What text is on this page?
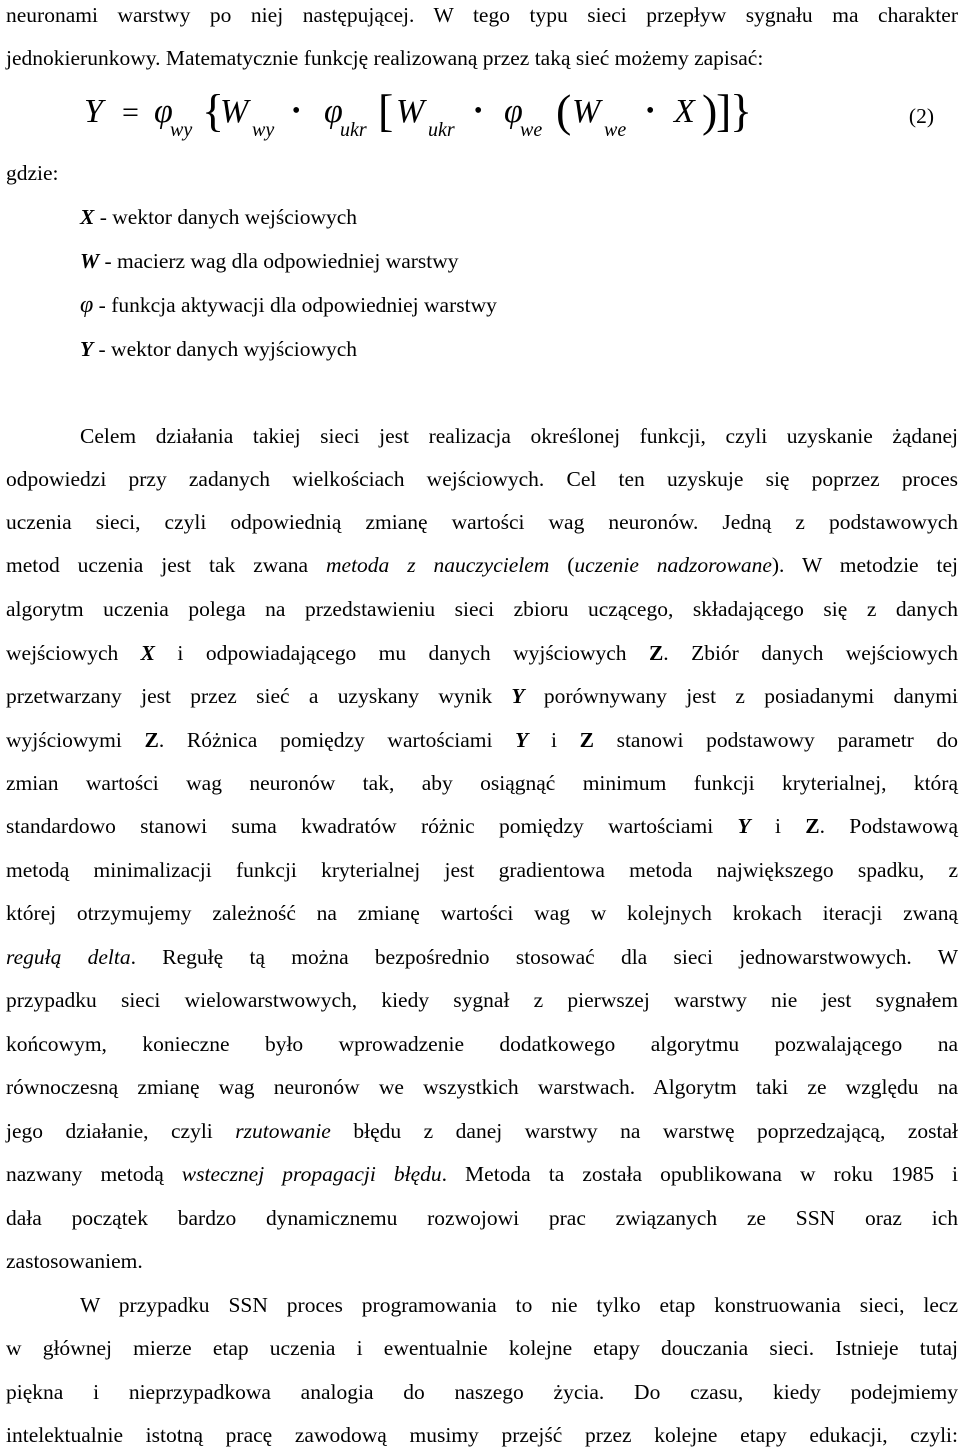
neuronami warstwy po niej następującej. W tego typu sieci przepływ sygnału ma charakter
jednokierunkowy. Matematycznie funkcję realizowaną przez taką sieć możemy zapisać:
Y = φ
wy {
W wy
• φ
ukr [ W ukr
• φ
we ( W we
• X )
]
}	(2)
gdzie:
X - wektor danych wejściowych
W - macierz wag dla odpowiedniej warstwy
φ - funkcja aktywacji dla odpowiedniej warstwy
Y - wektor danych wyjściowych
Celem działania takiej sieci jest realizacja określonej funkcji, czyli uzyskanie żądanej
odpowiedzi przy zadanych wielkościach wejściowych. Cel ten uzyskuje się poprzez proces
uczenia sieci, czyli odpowiednią zmianę wartości wag neuronów. Jedną z podstawowych
metod uczenia jest tak zwana metoda z nauczycielem (uczenie nadzorowane). W metodzie tej
algorytm uczenia polega na przedstawieniu sieci zbioru uczącego, składającego się z danych
wejściowych X i odpowiadającego mu danych wyjściowych Z. Zbiór danych wejściowych
przetwarzany jest przez sieć a uzyskany wynik Y porównywany jest z posiadanymi danymi
wyjściowymi Z. Różnica pomiędzy wartościami Y i Z stanowi podstawowy parametr do
zmian wartości wag neuronów tak, aby osiągnąć minimum funkcji kryterialnej, którą
standardowo stanowi suma kwadratów różnic pomiędzy wartościami Y i Z. Podstawową
metodą minimalizacji funkcji kryterialnej jest gradientowa metoda największego spadku, z
której otrzymujemy zależność na zmianę wartości wag w kolejnych krokach iteracji zwaną
regułą delta. Regułę tą można bezpośrednio stosować dla sieci jednowarstwowych. W
przypadku sieci wielowarstwowych, kiedy sygnał z pierwszej warstwy nie jest sygnałem
końcowym, konieczne było wprowadzenie dodatkowego algorytmu pozwalającego na
równoczesną zmianę wag neuronów we wszystkich warstwach. Algorytm taki ze względu na
jego działanie, czyli rzutowanie błędu z danej warstwy na warstwę poprzedzającą, został
nazwany metodą wstecznej propagacji błędu. Metoda ta została opublikowana w roku 1985 i
dała początek bardzo dynamicznemu rozwojowi prac związanych ze SSN oraz ich
zastosowaniem.
W przypadku SSN proces programowania to nie tylko etap konstruowania sieci, lecz
w głównej mierze etap uczenia i ewentualnie kolejne etapy douczania sieci. Istnieje tutaj
piękna i nieprzypadkowa analogia do naszego życia. Do czasu, kiedy podejmiemy
intelektualnie istotną pracę zawodową musimy przejść przez kolejne etapy edukacji, czyli:
